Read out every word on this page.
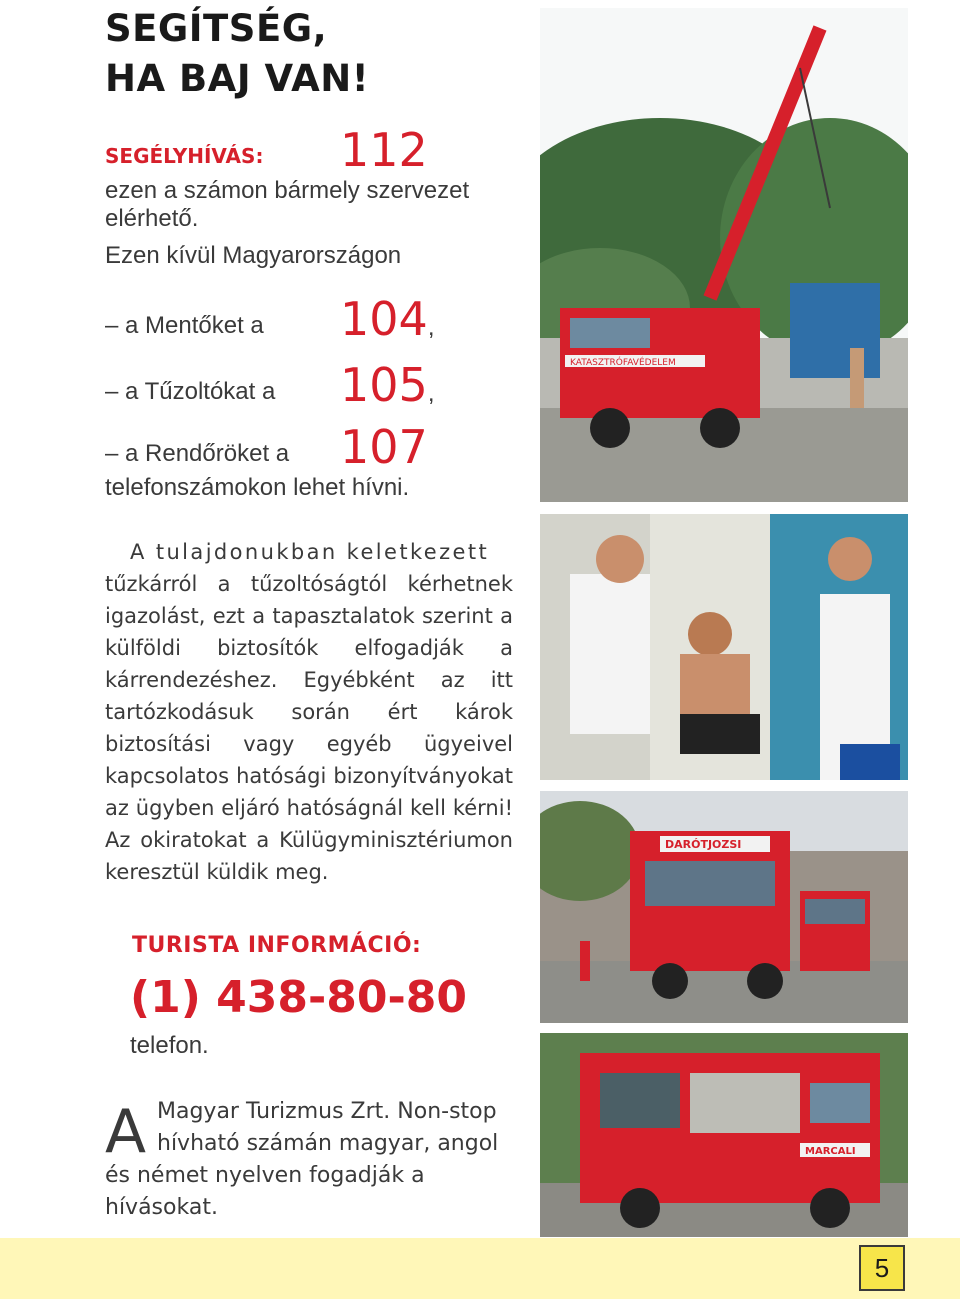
SEGÍTSÉG,
HA BAJ VAN!
SEGÉLYHÍVÁS: 112
ezen a számon bármely szervezet
elérhető.
Ezen kívül Magyarországon
– a Mentőket a 104,
– a Tűzoltókat a 105,
– a Rendőröket a 107
telefonszámokon lehet hívni.

A tulajdonukban keletkezett
tűzkárról a tűzoltóságtól kérhetnek igazolást, ezt a tapasztalatok szerint a külföldi biztosítók elfogadják a kárrendezéshez. Egyébként az itt tartózkodásuk során ért károk biztosítási vagy egyéb ügyeivel kapcsolatos hatósági bizonyítványokat az ügyben eljáró hatóságnál kell kérni! Az okiratokat a Külügyminisztériumon keresztül küldik meg.

TURISTA INFORMÁCIÓ:
(1) 438-80-80
telefon.
A Magyar Turizmus Zrt. Non-stop
hívható számán magyar, angol
és német nyelven fogadják a hívásokat.
KATASZTRÓFAVÉDELEM
DARÓTJOZSI
MARCALI
5
